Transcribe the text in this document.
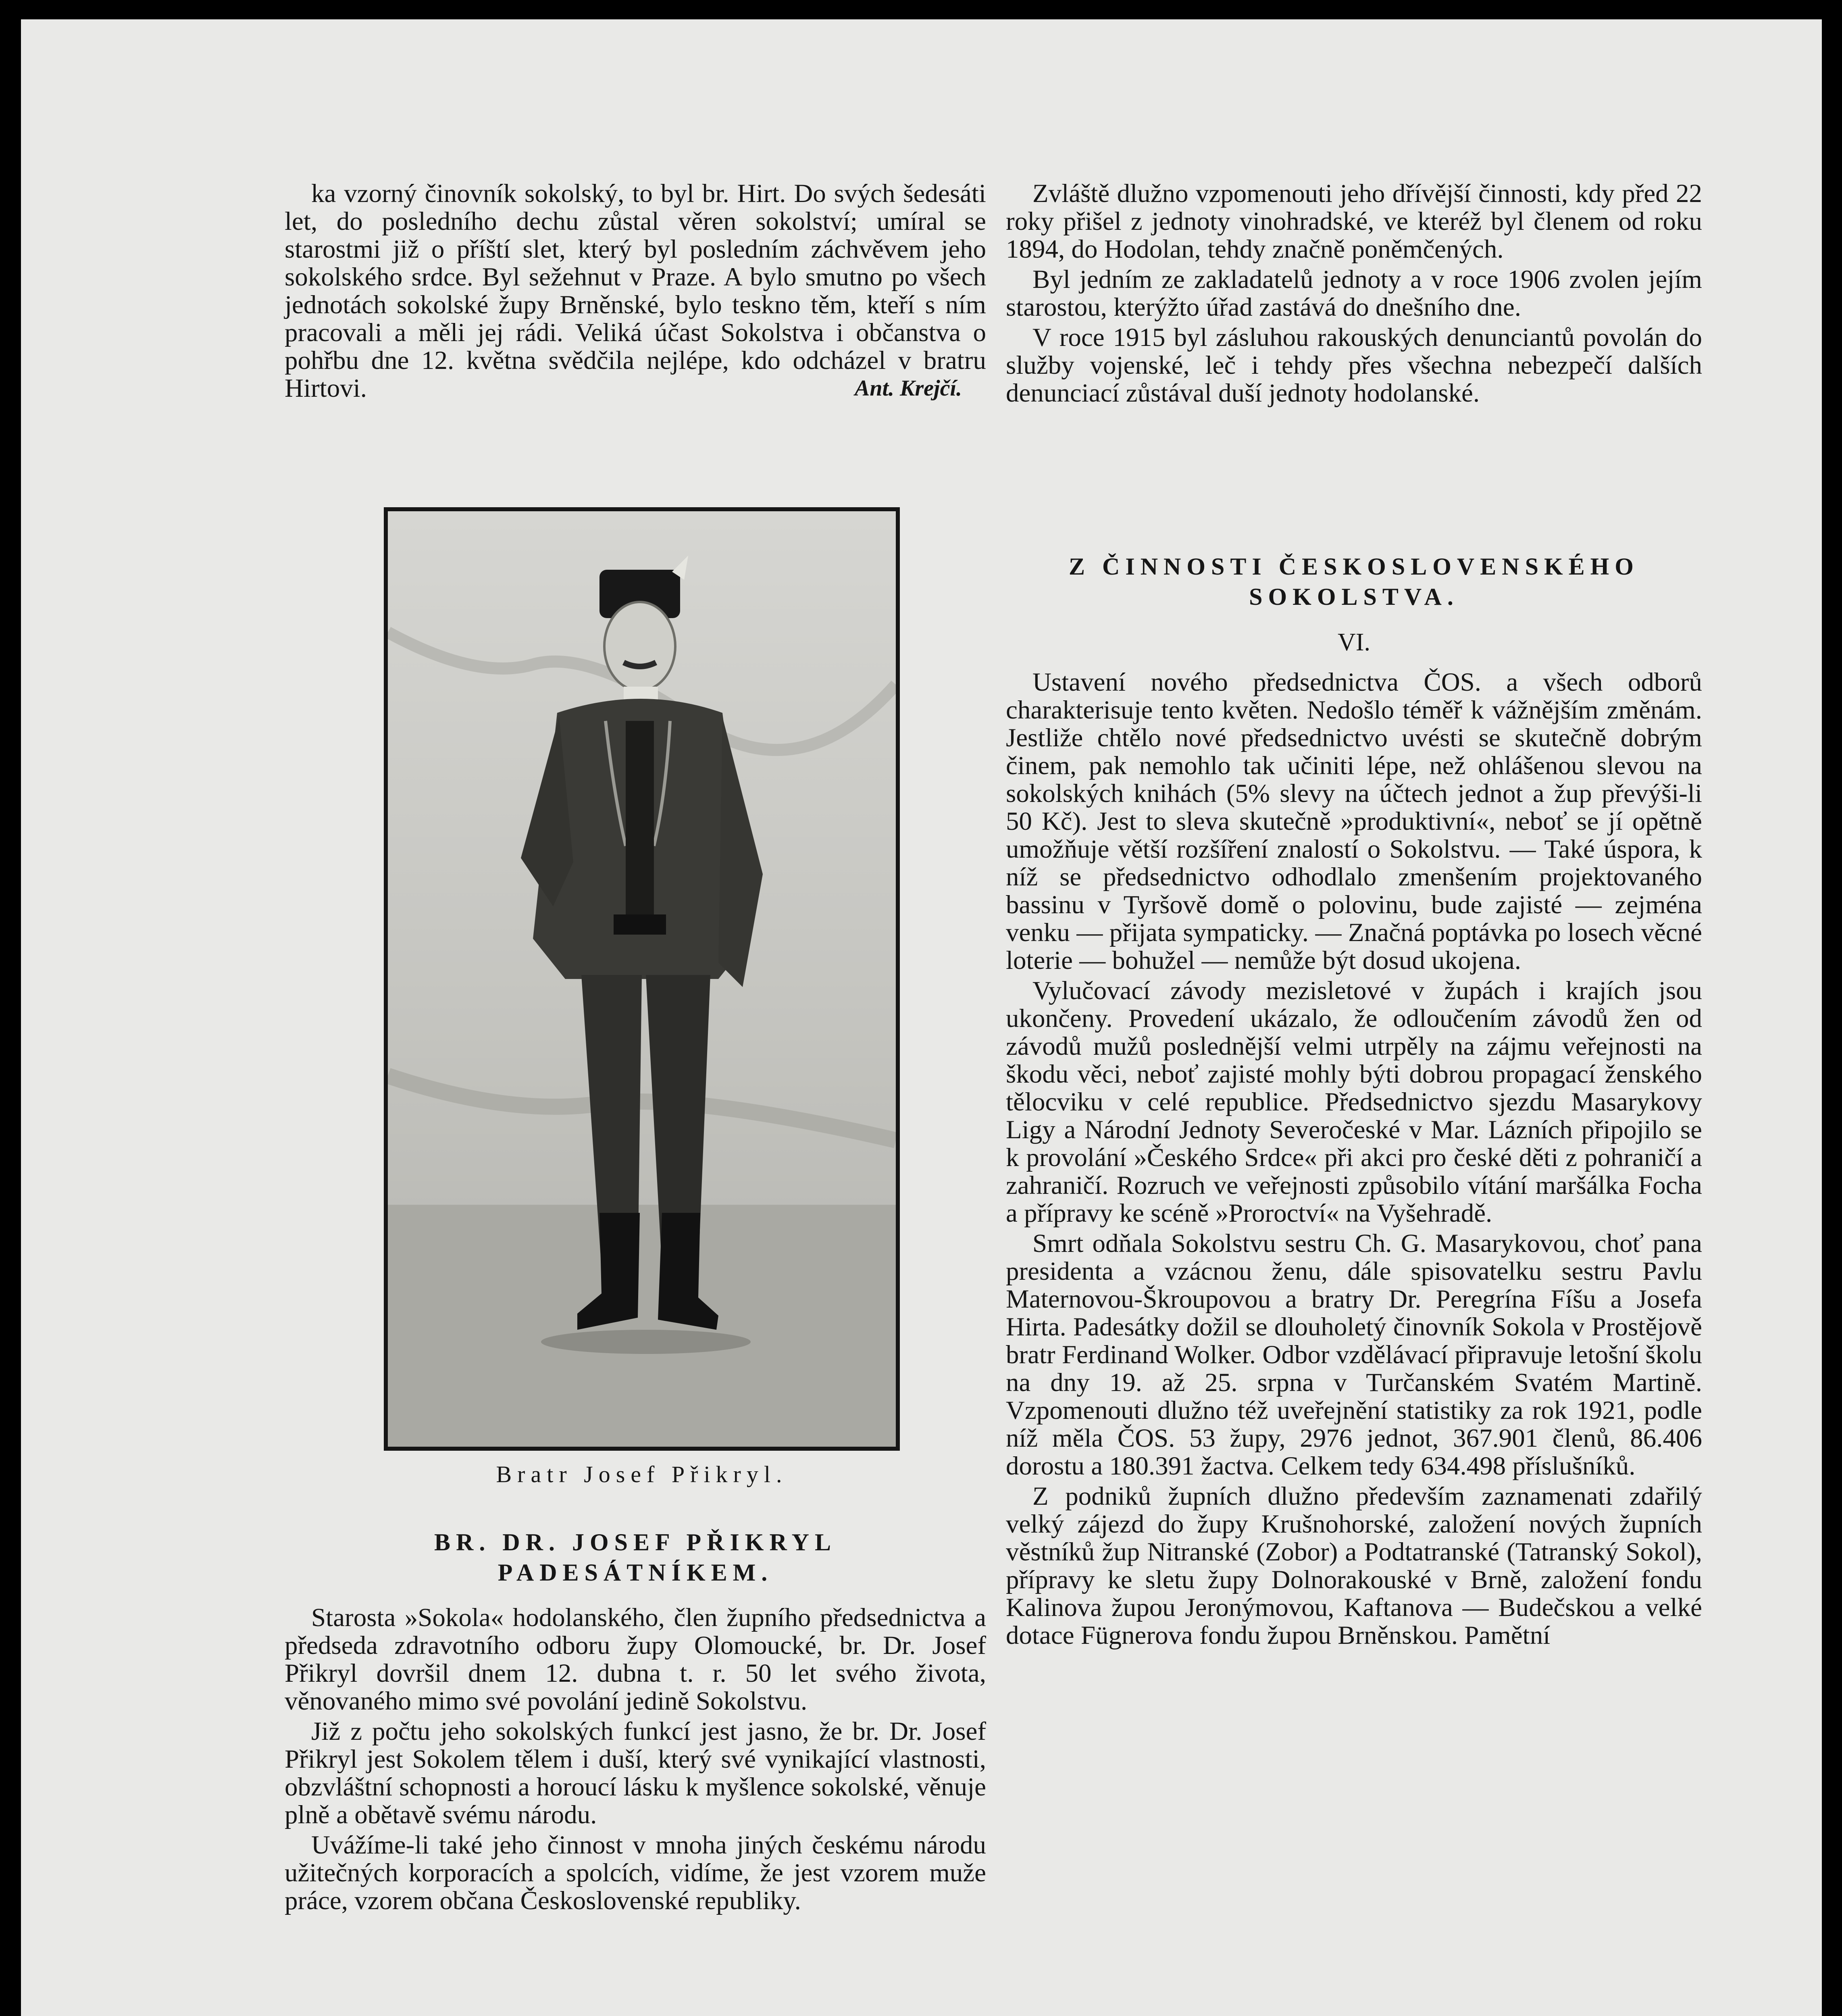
ka vzorný činovník sokolský, to byl br. Hirt. Do svých šedesáti let, do posledního dechu zůstal věren sokolství; umíral se starostmi již o příští slet, který byl posledním záchvěvem jeho sokolského srdce. Byl sežehnut v Praze. A bylo smutno po všech jednotách sokolské župy Brněnské, bylo teskno těm, kteří s ním pracovali a měli jej rádi. Veliká účast Sokolstva i občanstva o pohřbu dne 12. května svědčila nejlépe, kdo odcházel v bratru Hirtovi.	Ant. Krejčí.

Bratr Josef Přikryl.
BR. DR. JOSEF PŘIKRYL
PADESÁTNÍKEM.

Starosta »Sokola« hodolanského, člen župního předsednictva a předseda zdravotního odboru župy Olomoucké, br. Dr. Josef Přikryl dovršil dnem 12. dubna t. r. 50 let svého života, věnovaného mimo své povolání jedině Sokolstvu.

Již z počtu jeho sokolských funkcí jest jasno, že br. Dr. Josef Přikryl jest Sokolem tělem i duší, který své vynikající vlastnosti, obzvláštní schopnosti a horoucí lásku k myšlence sokolské, věnuje plně a obětavě svému národu.

Uvážíme-li také jeho činnost v mnoha jiných českému národu užitečných korporacích a spolcích, vidíme, že jest vzorem muže práce, vzorem občana Československé republiky.

Zvláště dlužno vzpomenouti jeho dřívější činnosti, kdy před 22 roky přišel z jednoty vinohradské, ve kteréž byl členem od roku 1894, do Hodolan, tehdy značně poněmčených.

Byl jedním ze zakladatelů jednoty a v roce 1906 zvolen jejím starostou, kterýžto úřad zastává do dnešního dne.

V roce 1915 byl zásluhou rakouských denunciantů povolán do služby vojenské, leč i tehdy přes všechna nebezpečí dalších denunciací zůstával duší jednoty hodolanské.

Z ČINNOSTI ČESKOSLOVENSKÉHO
SOKOLSTVA.
VI.

Ustavení nového předsednictva ČOS. a všech odborů charakterisuje tento květen. Nedošlo téměř k vážnějším změnám. Jestliže chtělo nové předsednictvo uvésti se skutečně dobrým činem, pak nemohlo tak učiniti lépe, než ohlášenou slevou na sokolských knihách (5% slevy na účtech jednot a žup převýši-li 50 Kč). Jest to sleva skutečně »produktivní«, neboť se jí opětně umožňuje větší rozšíření znalostí o Sokolstvu. — Také úspora, k níž se předsednictvo odhodlalo zmenšením projektovaného bassinu v Tyršově domě o polovinu, bude zajisté — zejména venku — přijata sympaticky. — Značná poptávka po losech věcné loterie — bohužel — nemůže být dosud ukojena.

Vylučovací závody mezisletové v župách i krajích jsou ukončeny. Provedení ukázalo, že odloučením závodů žen od závodů mužů poslednější velmi utrpěly na zájmu veřejnosti na škodu věci, neboť zajisté mohly býti dobrou propagací ženského tělocviku v celé republice. Předsednictvo sjezdu Masarykovy Ligy a Národní Jednoty Severočeské v Mar. Lázních připojilo se k provolání »Českého Srdce« při akci pro české děti z pohraničí a zahraničí. Rozruch ve veřejnosti způsobilo vítání maršálka Focha a přípravy ke scéně »Proroctví« na Vyšehradě.

Smrt odňala Sokolstvu sestru Ch. G. Masarykovou, choť pana presidenta a vzácnou ženu, dále spisovatelku sestru Pavlu Maternovou-Škroupovou a bratry Dr. Peregrína Fíšu a Josefa Hirta. Padesátky dožil se dlouholetý činovník Sokola v Prostějově bratr Ferdinand Wolker. Odbor vzdělávací připravuje letošní školu na dny 19. až 25. srpna v Turčanském Svatém Martině. Vzpomenouti dlužno též uveřejnění statistiky za rok 1921, podle níž měla ČOS. 53 župy, 2976 jednot, 367.901 členů, 86.406 dorostu a 180.391 žactva. Celkem tedy 634.498 příslušníků.

Z podniků župních dlužno především zaznamenati zdařilý velký zájezd do župy Krušnohorské, založení nových župních věstníků žup Nitranské (Zobor) a Podtatranské (Tatranský Sokol), přípravy ke sletu župy Dolnorakouské v Brně, založení fondu Kalinova župou Jeronýmovou, Kaftanova — Budečskou a velké dotace Fügnerova fondu župou Brněnskou. Pamětní
